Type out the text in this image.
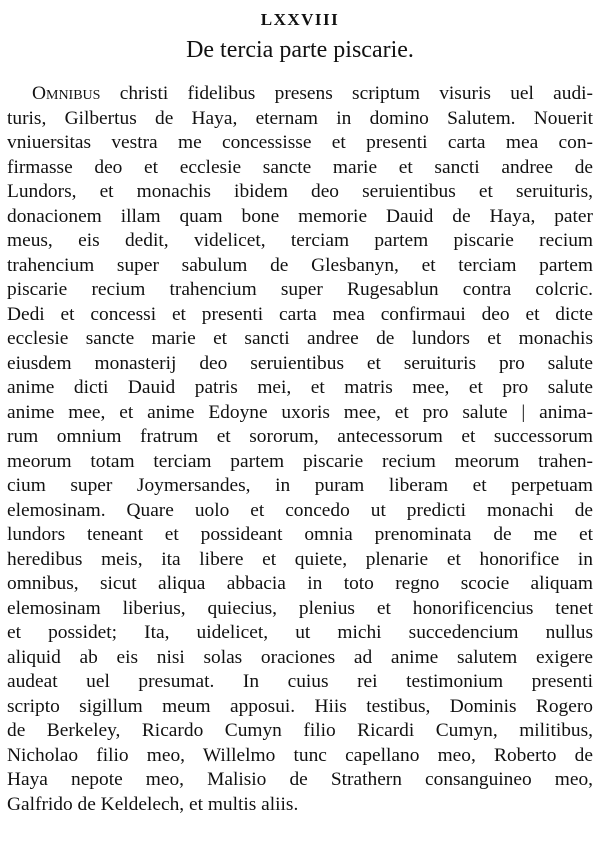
LXXVIII
De tercia parte piscarie.
Omnibus christi fidelibus presens scriptum visuris uel audi-
turis, Gilbertus de Haya, eternam in domino Salutem. Nouerit
vniuersitas vestra me concessisse et presenti carta mea con-
firmasse deo et ecclesie sancte marie et sancti andree de
Lundors, et monachis ibidem deo seruientibus et seruituris,
donacionem illam quam bone memorie Dauid de Haya, pater
meus, eis dedit, videlicet, terciam partem piscarie recium
trahencium super sabulum de Glesbanyn, et terciam partem
piscarie recium trahencium super Rugesablun contra colcric.
Dedi et concessi et presenti carta mea confirmaui deo et dicte
ecclesie sancte marie et sancti andree de lundors et monachis
eiusdem monasterij deo seruientibus et seruituris pro salute
anime dicti Dauid patris mei, et matris mee, et pro salute
anime mee, et anime Edoyne uxoris mee, et pro salute | anima-
rum omnium fratrum et sororum, antecessorum et successorum
meorum totam terciam partem piscarie recium meorum trahen-
cium super Joymersandes, in puram liberam et perpetuam
elemosinam. Quare uolo et concedo ut predicti monachi de
lundors teneant et possideant omnia prenominata de me et
heredibus meis, ita libere et quiete, plenarie et honorifice in
omnibus, sicut aliqua abbacia in toto regno scocie aliquam
elemosinam liberius, quiecius, plenius et honorificencius tenet
et possidet; Ita, uidelicet, ut michi succedencium nullus
aliquid ab eis nisi solas oraciones ad anime salutem exigere
audeat uel presumat. In cuius rei testimonium presenti
scripto sigillum meum apposui. Hiis testibus, Dominis Rogero
de Berkeley, Ricardo Cumyn filio Ricardi Cumyn, militibus,
Nicholao filio meo, Willelmo tunc capellano meo, Roberto de
Haya nepote meo, Malisio de Strathern consanguineo meo,
Galfrido de Keldelech, et multis aliis.
